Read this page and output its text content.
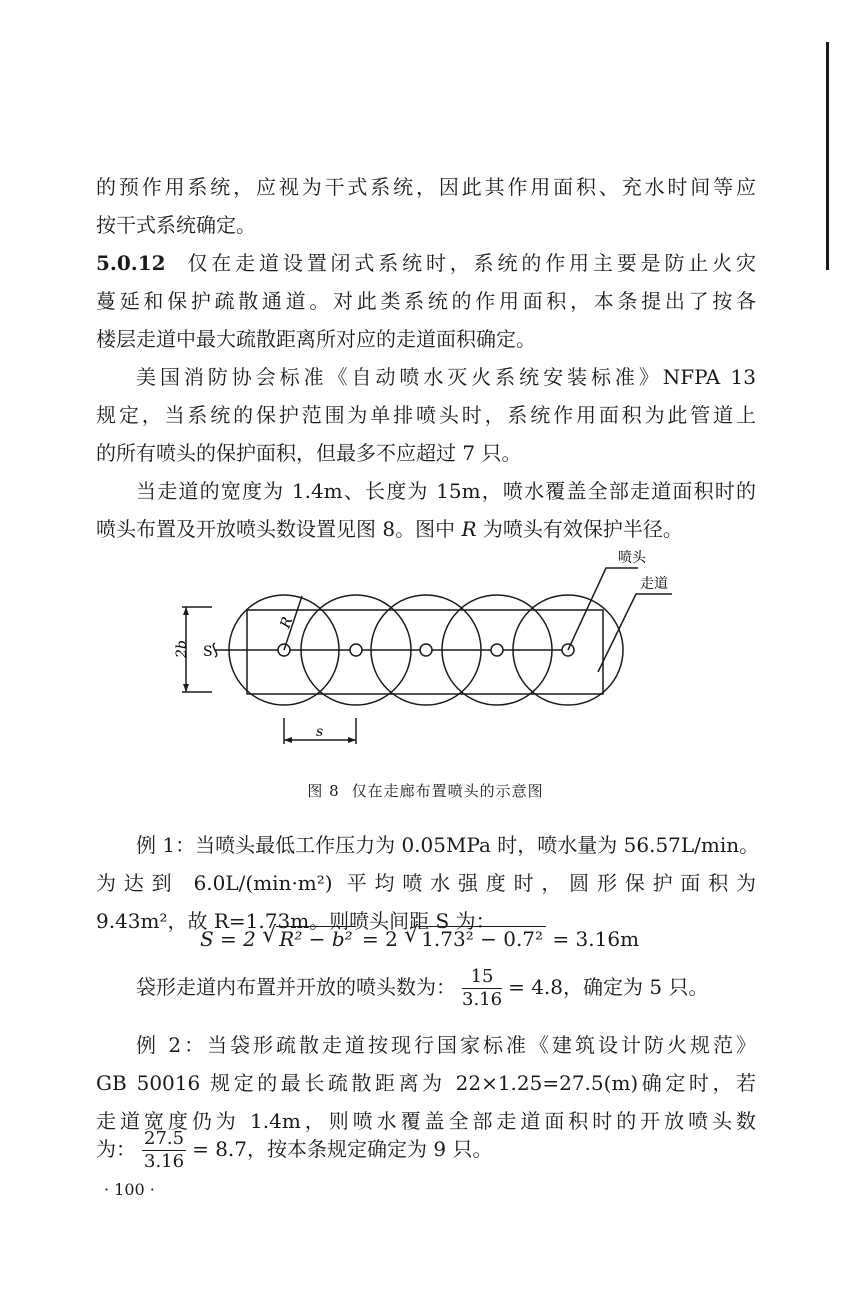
的预作用系统，应视为干式系统，因此其作用面积、充水时间等应
按干式系统确定。
5.0.12 仅在走道设置闭式系统时，系统的作用主要是防止火灾
蔓延和保护疏散通道。对此类系统的作用面积，本条提出了按各
楼层走道中最大疏散距离所对应的走道面积确定。
美国消防协会标准《自动喷水灭火系统安装标准》NFPA 13
规定，当系统的保护范围为单排喷头时，系统作用面积为此管道上
的所有喷头的保护面积，但最多不应超过 7 只。
当走道的宽度为 1.4m、长度为 15m，喷水覆盖全部走道面积时的
喷头布置及开放喷头数设置见图 8。图中 R 为喷头有效保护半径。
喷头
走道
R
2b S
s
图 8 仅在走廊布置喷头的示意图
例 1：当喷头最低工作压力为 0.05MPa 时，喷水量为 56.57L/min。
为达到 6.0L/(min·m²) 平均喷水强度时，圆形保护面积为
9.43m²，故 R=1.73m。则喷头间距 S 为：
S = 2 √ R² − b² = 2 √ 1.73² − 0.7² = 3.16m
袋形走道内布置并开放的喷头数为： $\frac{15}{3.16} = 4.8$，确定为 5 只。
例 2：当袋形疏散走道按现行国家标准《建筑设计防火规范》
GB 50016 规定的最长疏散距离为 22×1.25=27.5(m)确定时，若
走道宽度仍为 1.4m，则喷水覆盖全部走道面积时的开放喷头数
为： $\frac{27.5}{3.16} = 8.7$，按本条规定确定为 9 只。
· 100 ·
